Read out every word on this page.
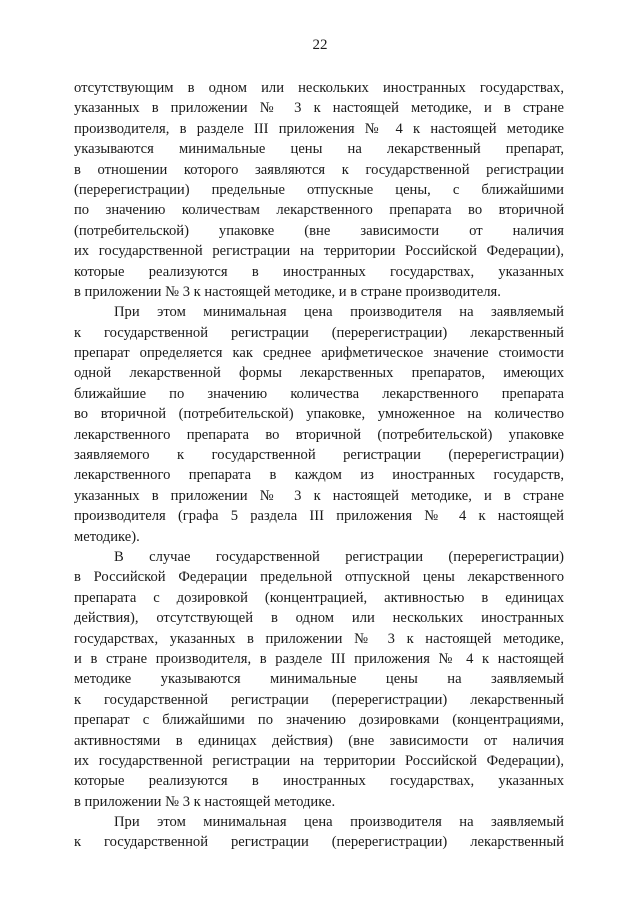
22
отсутствующим в одном или нескольких иностранных государствах,
указанных в приложении № 3 к настоящей методике, и в стране
производителя, в разделе III приложения № 4 к настоящей методике
указываются минимальные цены на лекарственный препарат,
в отношении которого заявляются к государственной регистрации
(перерегистрации) предельные отпускные цены, с ближайшими
по значению количествам лекарственного препарата во вторичной
(потребительской) упаковке (вне зависимости от наличия
их государственной регистрации на территории Российской Федерации),
которые реализуются в иностранных государствах, указанных
в приложении № 3 к настоящей методике, и в стране производителя.
При этом минимальная цена производителя на заявляемый
к государственной регистрации (перерегистрации) лекарственный
препарат определяется как среднее арифметическое значение стоимости
одной лекарственной формы лекарственных препаратов, имеющих
ближайшие по значению количества лекарственного препарата
во вторичной (потребительской) упаковке, умноженное на количество
лекарственного препарата во вторичной (потребительской) упаковке
заявляемого к государственной регистрации (перерегистрации)
лекарственного препарата в каждом из иностранных государств,
указанных в приложении № 3 к настоящей методике, и в стране
производителя (графа 5 раздела III приложения № 4 к настоящей
методике).
В случае государственной регистрации (перерегистрации)
в Российской Федерации предельной отпускной цены лекарственного
препарата с дозировкой (концентрацией, активностью в единицах
действия), отсутствующей в одном или нескольких иностранных
государствах, указанных в приложении № 3 к настоящей методике,
и в стране производителя, в разделе III приложения № 4 к настоящей
методике указываются минимальные цены на заявляемый
к государственной регистрации (перерегистрации) лекарственный
препарат с ближайшими по значению дозировками (концентрациями,
активностями в единицах действия) (вне зависимости от наличия
их государственной регистрации на территории Российской Федерации),
которые реализуются в иностранных государствах, указанных
в приложении № 3 к настоящей методике.
При этом минимальная цена производителя на заявляемый
к государственной регистрации (перерегистрации) лекарственный
